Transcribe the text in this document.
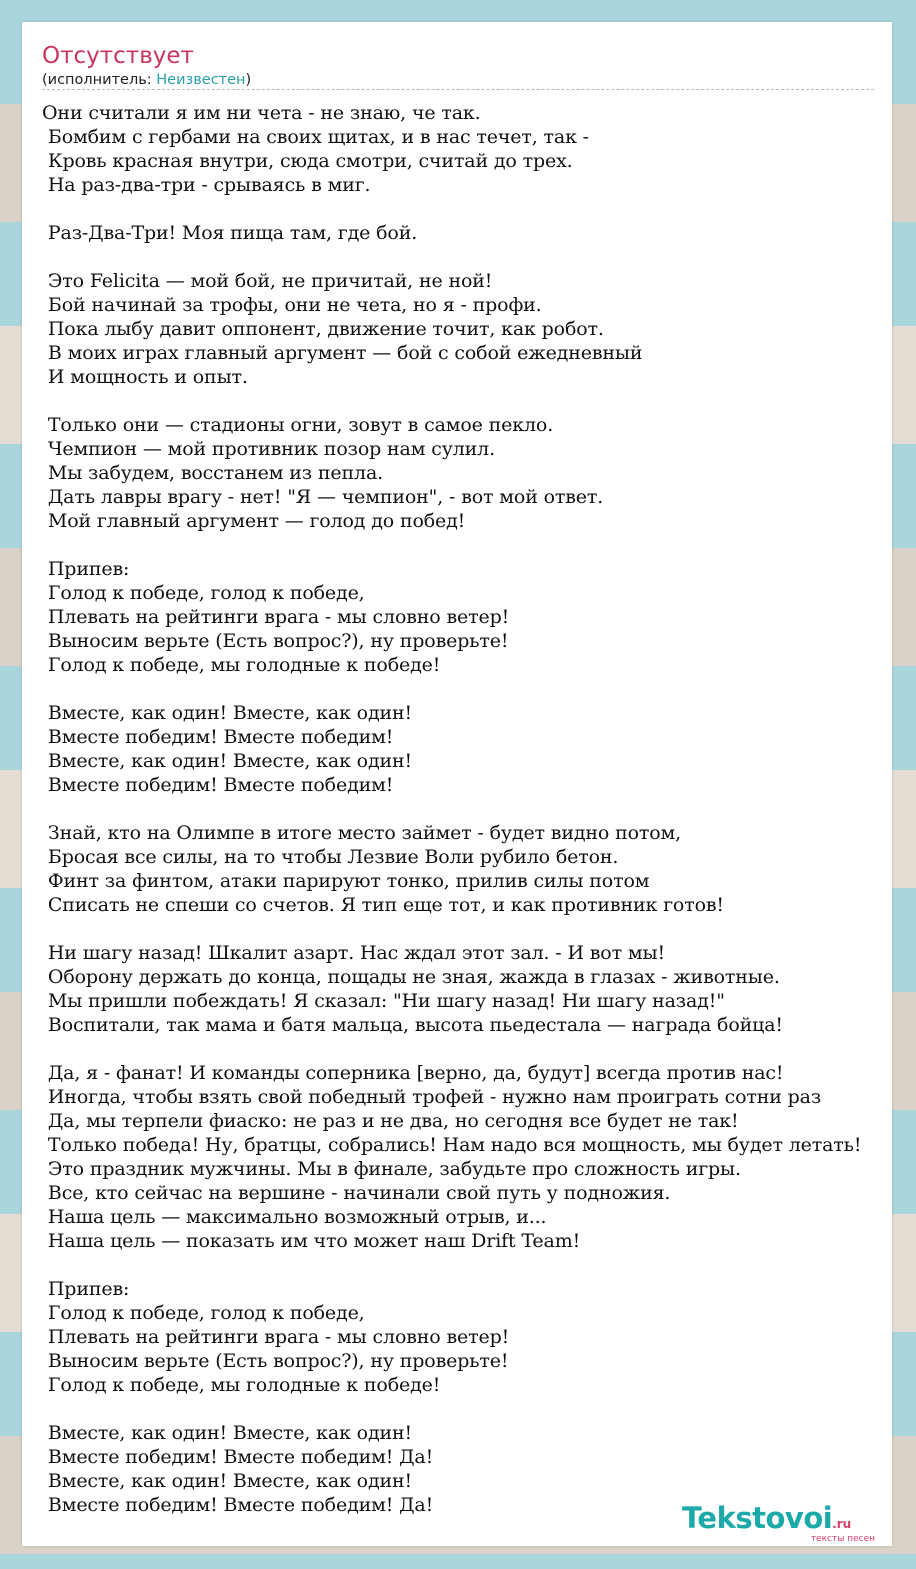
Отсутствует
(исполнитель: Неизвестен)
Они считали я им ни чета - не знаю, че так.
Бомбим с гербами на своих щитах, и в нас течет, так -
Кровь красная внутри, сюда смотри, считай до трех.
На раз-два-три - срываясь в миг.
Раз-Два-Три! Моя пища там, где бой.
Это Felicita — мой бой, не причитай, не ной!
Бой начинай за трофы, они не чета, но я - профи.
Пока лыбу давит оппонент, движение точит, как робот.
В моих играх главный аргумент — бой с собой ежедневный
И мощность и опыт.
Только они — стадионы огни, зовут в самое пекло.
Чемпион — мой противник позор нам сулил.
Мы забудем, восстанем из пепла.
Дать лавры врагу - нет! "Я — чемпион", - вот мой ответ.
Мой главный аргумент — голод до побед!
Припев:
Голод к победе, голод к победе,
Плевать на рейтинги врага - мы словно ветер!
Выносим верьте (Есть вопрос?), ну проверьте!
Голод к победе, мы голодные к победе!
Вместе, как один! Вместе, как один!
Вместе победим! Вместе победим!
Вместе, как один! Вместе, как один!
Вместе победим! Вместе победим!
Знай, кто на Олимпе в итоге место займет - будет видно потом,
Бросая все силы, на то чтобы Лезвие Воли рубило бетон.
Финт за финтом, атаки парируют тонко, прилив силы потом
Списать не спеши со счетов. Я тип еще тот, и как противник готов!
Ни шагу назад! Шкалит азарт. Нас ждал этот зал. - И вот мы!
Оборону держать до конца, пощады не зная, жажда в глазах - животные.
Мы пришли побеждать! Я сказал: "Ни шагу назад! Ни шагу назад!"
Воспитали, так мама и батя мальца, высота пьедестала — награда бойца!
Да, я - фанат! И команды соперника [верно, да, будут] всегда против нас!
Иногда, чтобы взять свой победный трофей - нужно нам проиграть сотни раз
Да, мы терпели фиаско: не раз и не два, но сегодня все будет не так!
Только победа! Ну, братцы, собрались! Нам надо вся мощность, мы будет летать!
Это праздник мужчины. Мы в финале, забудьте про сложность игры.
Все, кто сейчас на вершине - начинали свой путь у подножия.
Наша цель — максимально возможный отрыв, и...
Наша цель — показать им что может наш Drift Team!
Припев:
Голод к победе, голод к победе,
Плевать на рейтинги врага - мы словно ветер!
Выносим верьте (Есть вопрос?), ну проверьте!
Голод к победе, мы голодные к победе!
Вместе, как один! Вместе, как один!
Вместе победим! Вместе победим! Да!
Вместе, как один! Вместе, как один!
Вместе победим! Вместе победим! Да!	Tekstovoi.ru
тексты песен
